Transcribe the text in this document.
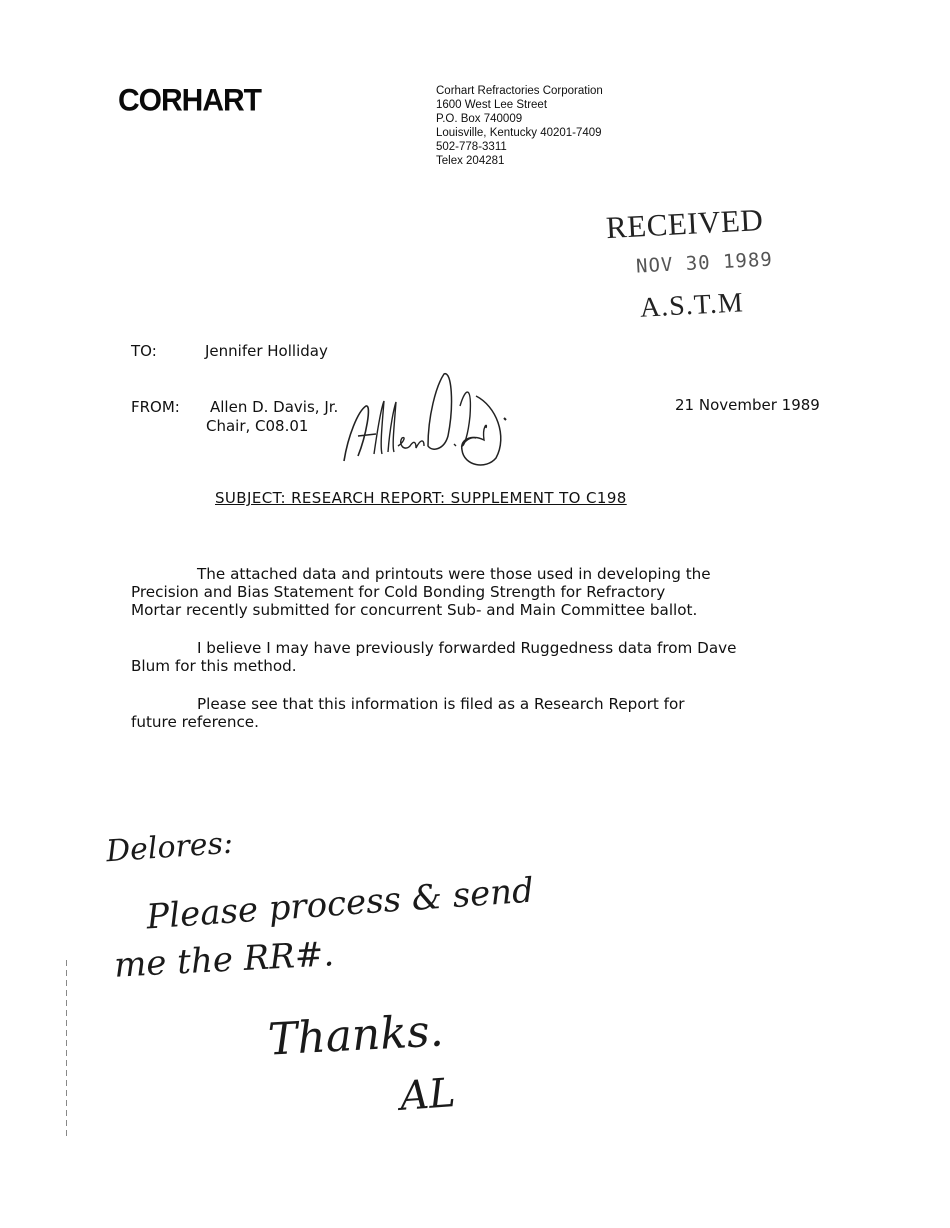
CORHART	Corhart Refractories Corporation
1600 West Lee Street
P.O. Box 740009
Louisville, Kentucky 40201-7409
502-778-3311
Telex 204281
RECEIVED
NOV 30 1989
A.S.T.M
TO:	Jennifer Holliday
FROM: Allen D. Davis, Jr.
Chair, C08.01
21 November 1989
SUBJECT: RESEARCH REPORT: SUPPLEMENT TO C198

The attached data and printouts were those used in developing the

Precision and Bias Statement for Cold Bonding Strength for Refractory

Mortar recently submitted for concurrent Sub- and Main Committee ballot.

I believe I may have previously forwarded Ruggedness data from Dave

Blum for this method.

Please see that this information is filed as a Research Report for

future reference.

Delores:
Please process & send
me the RR#.
Thanks.
AL
